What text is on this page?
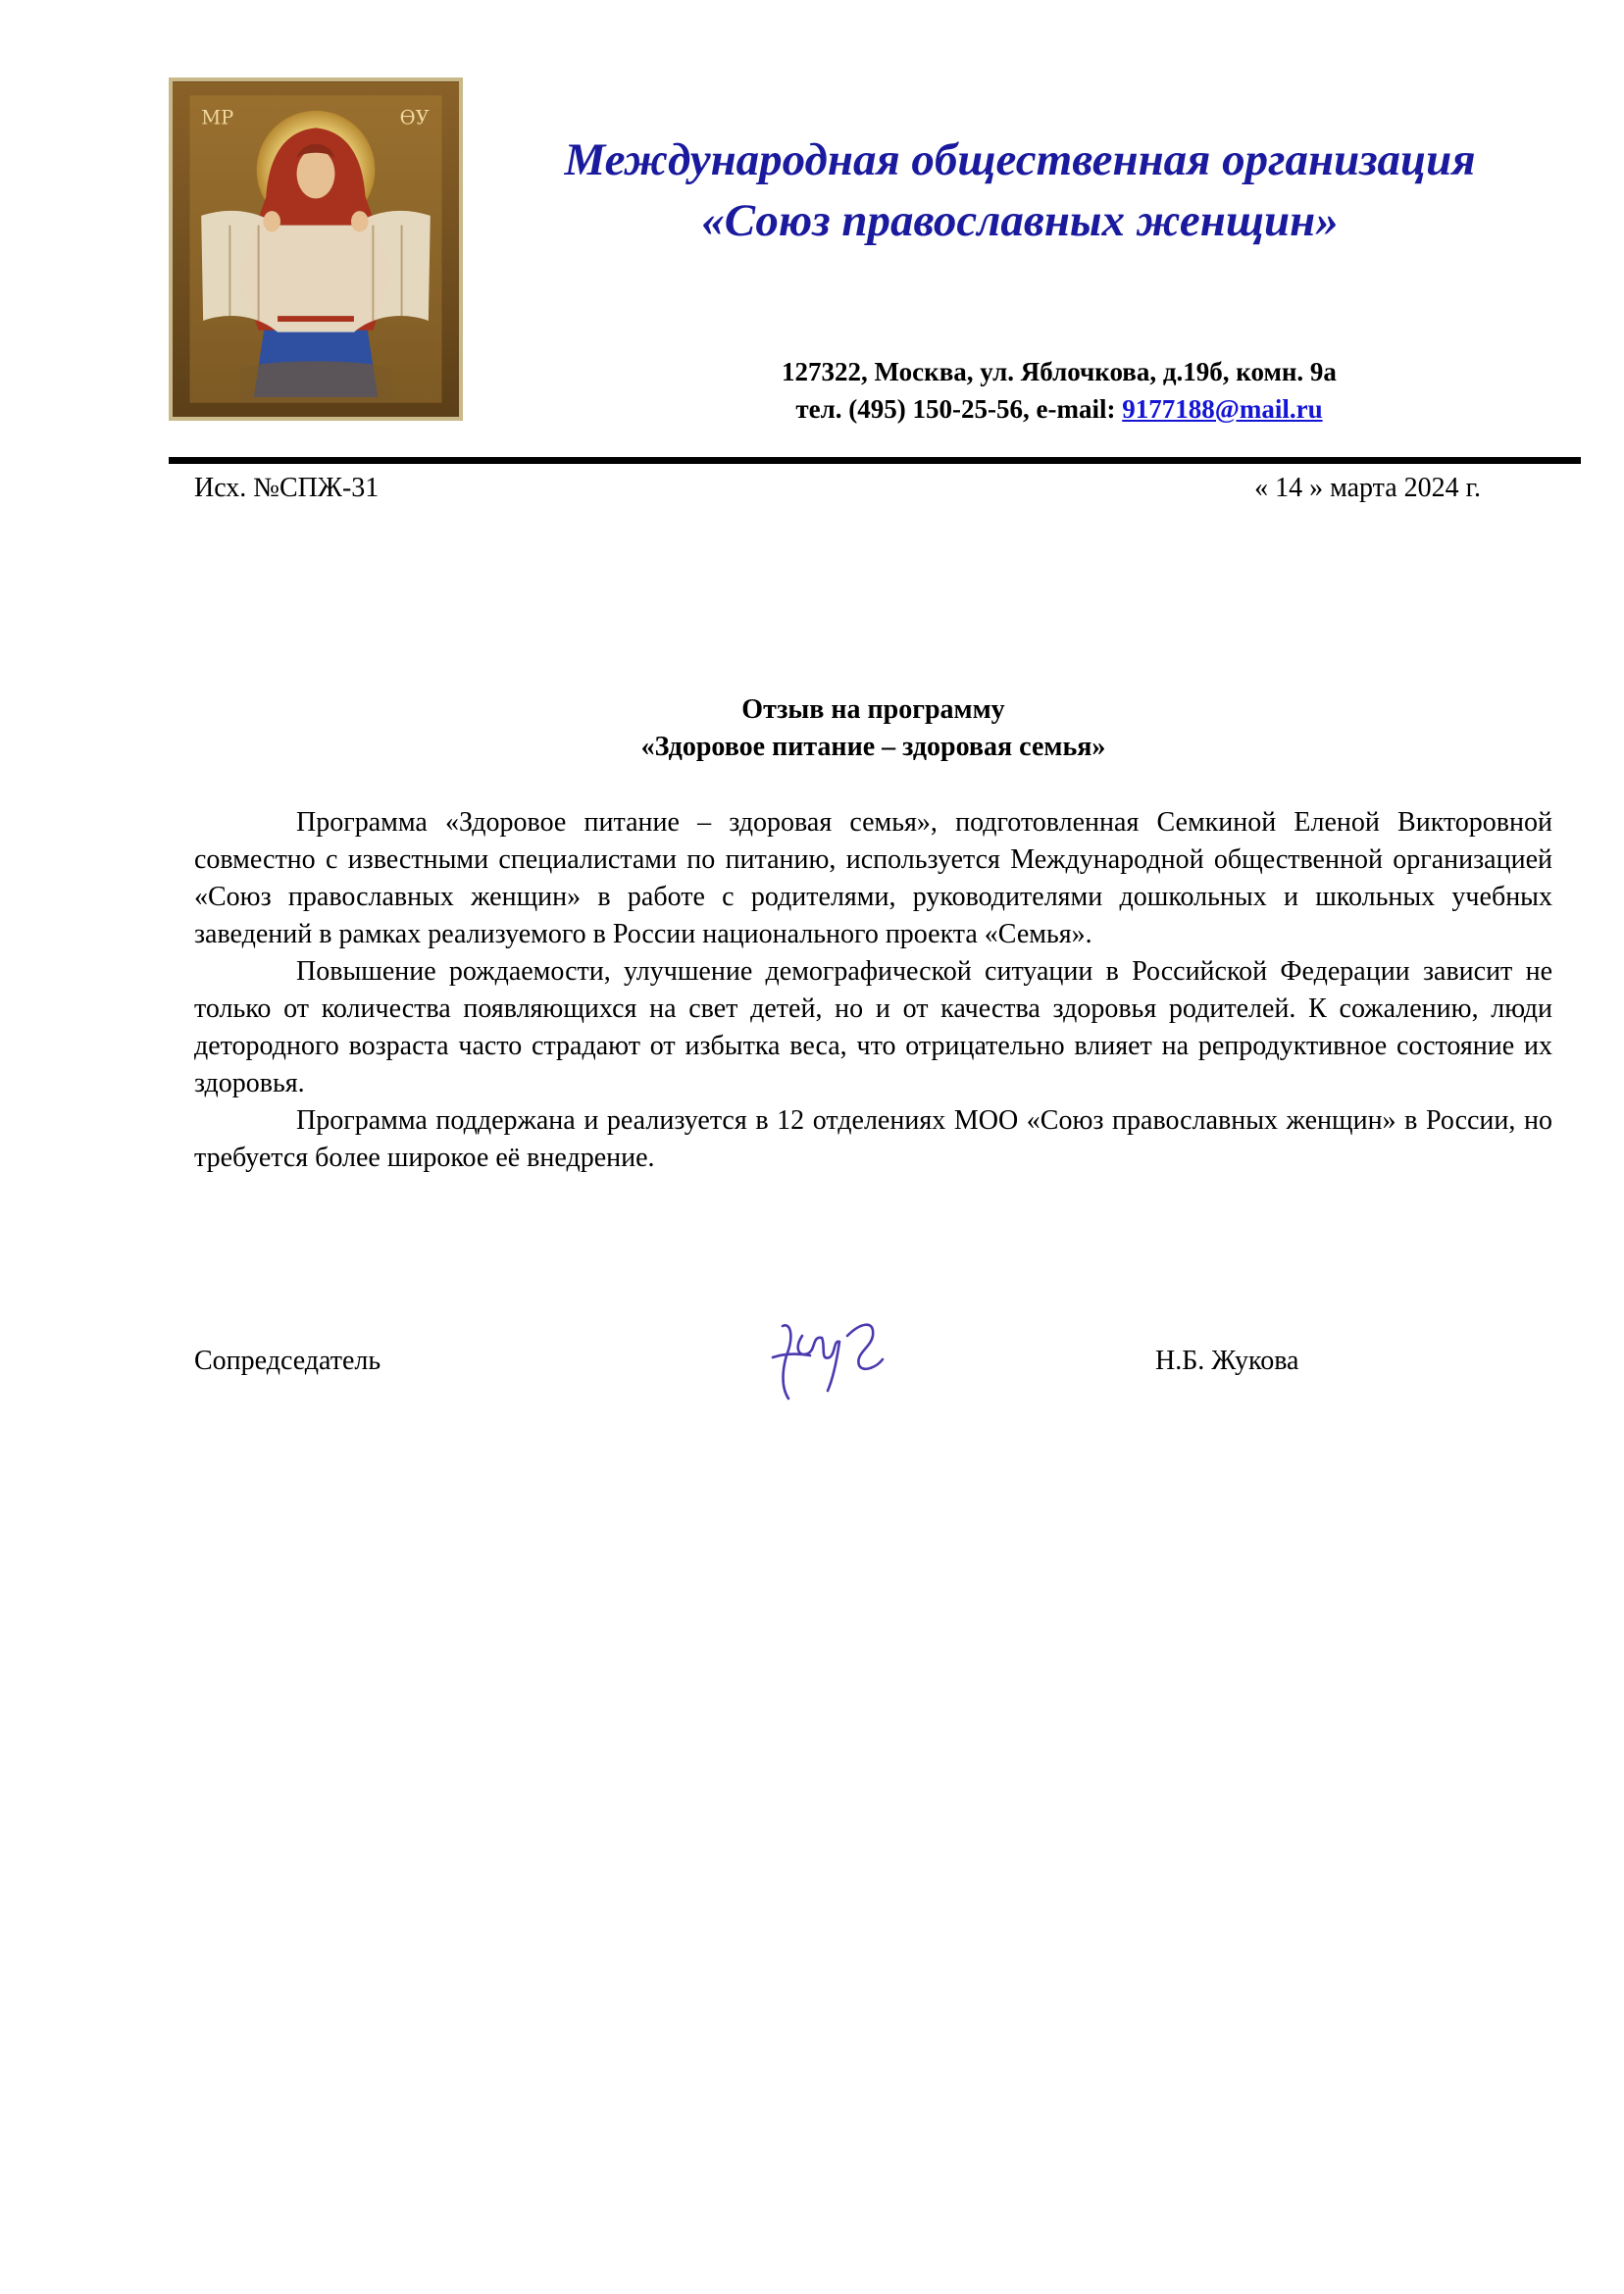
МР	ѲУ
Международная общественная организация
«Союз православных женщин»
127322, Москва, ул. Яблочкова, д.19б, комн. 9а
тел. (495) 150-25-56, e-mail: 9177188@mail.ru
Исх. №СПЖ-31	« 14 » марта 2024 г.
Отзыв на программу
«Здоровое питание – здоровая семья»

Программа «Здоровое питание – здоровая семья», подготовленная Семкиной Еленой Викторовной совместно с известными специалистами по питанию, используется Международной общественной организацией «Союз православных женщин» в работе с родителями, руководителями дошкольных и школьных учебных заведений в рамках реализуемого в России национального проекта «Семья».

Повышение рождаемости, улучшение демографической ситуации в Российской Федерации зависит не только от количества появляющихся на свет детей, но и от качества здоровья родителей. К сожалению, люди детородного возраста часто страдают от избытка веса, что отрицательно влияет на репродуктивное состояние их здоровья.

Программа поддержана и реализуется в 12 отделениях МОО «Союз православных женщин» в России, но требуется более широкое её внедрение.

Сопредседатель	Н.Б. Жукова
